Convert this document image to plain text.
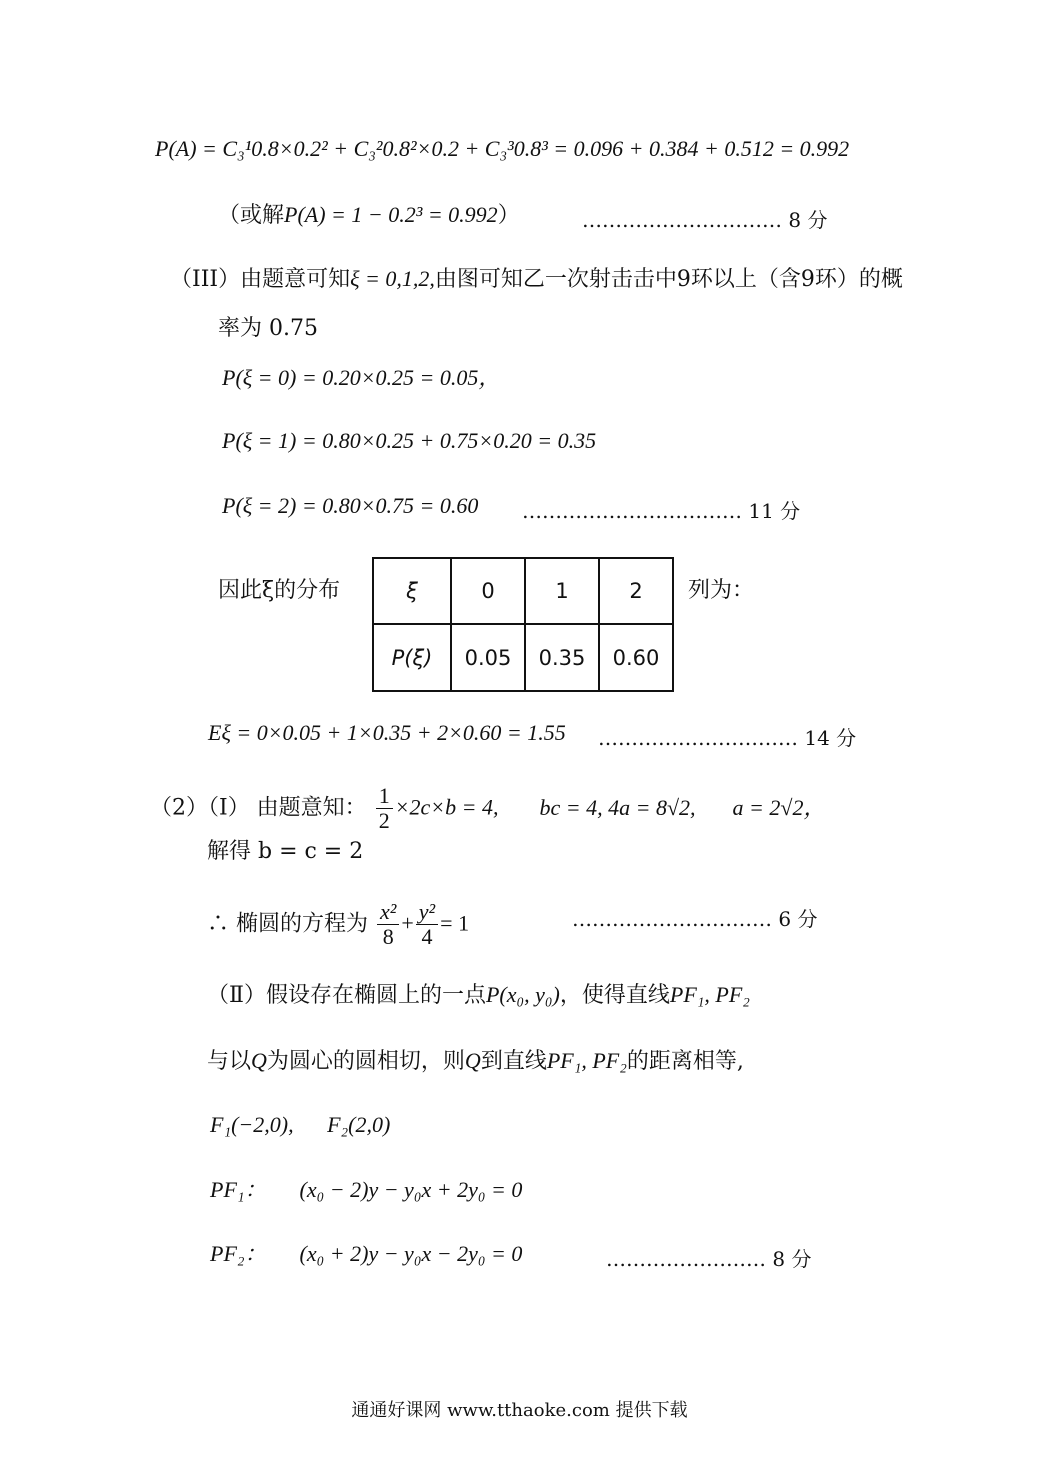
P(A) = C₃¹0.8×0.2² + C₃²0.8²×0.2 + C₃³0.8³ = 0.096 + 0.384 + 0.512 = 0.992
（或解P(A) = 1 − 0.2³ = 0.992）	………………………… 8 分
（III）由题意可知ξ = 0,1,2,由图可知乙一次射击击中9环以上（含9环）的概
率为 0.75
P(ξ = 0) = 0.20×0.25 = 0.05，
P(ξ = 1) = 0.80×0.25 + 0.75×0.20 = 0.35
P(ξ = 2) = 0.80×0.75 = 0.60 …………………………… 11 分
因此ξ的分布	列为：
ξ	0	1	2
P(ξ)	0.05	0.35	0.60
Eξ = 0×0.05 + 1×0.35 + 2×0.60 = 1.55 ………………………… 14 分
（2）（Ⅰ） 由题意知： $\frac{1}{2} \times 2c\times b = 4$, bc = 4, 4a = 8√2, a = 2√2，
解得 b = c = 2
∴ 椭圆的方程为 $\frac{\text{x²}}{8} + \frac{\text{y²}}{4} = 1$	………………………… 6 分
（Ⅱ）假设存在椭圆上的一点P(x₀, y₀)，使得直线PF₁, PF₂
与以Q为圆心的圆相切，则Q到直线PF₁, PF₂的距离相等,
F₁(−2,0), F₂(2,0)
PF₁： (x₀ − 2)y − y₀x + 2y₀ = 0
PF₂： (x₀ + 2)y − y₀x − 2y₀ = 0	…………………… 8 分
通通好课网 www.tthaoke.com 提供下载
